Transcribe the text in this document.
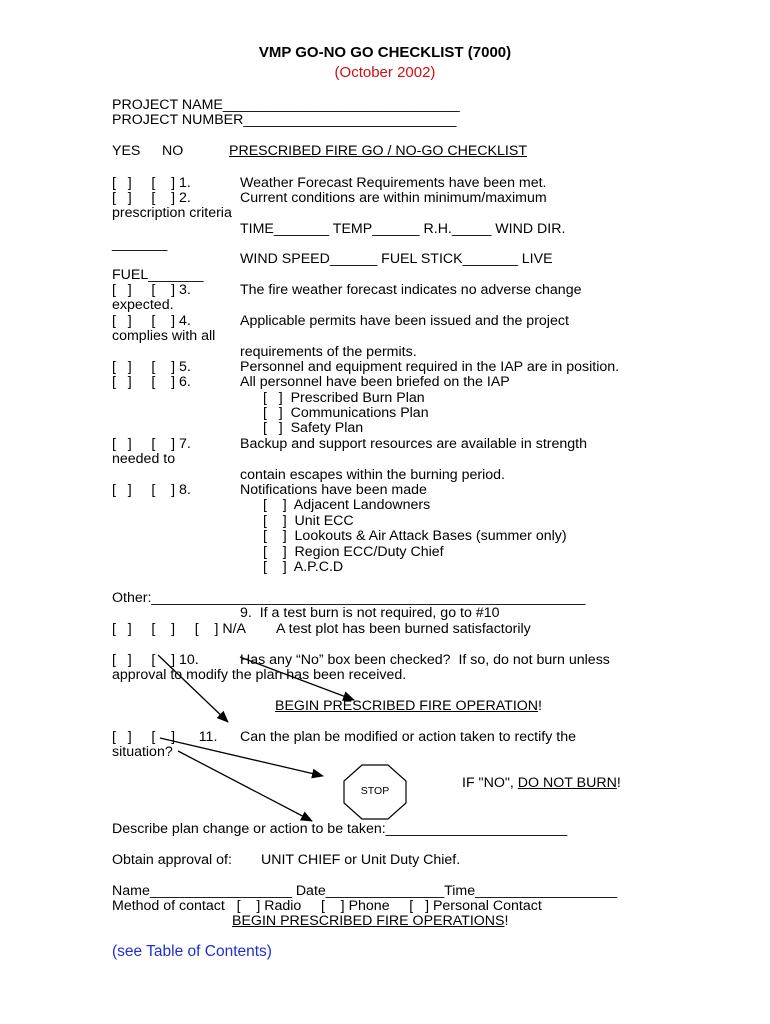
VMP GO-NO GO CHECKLIST (7000)
(October 2002)
PROJECT NAME______________________________
PROJECT NUMBER___________________________
YES NO	PRESCRIBED FIRE GO / NO-GO CHECKLIST
[   ]     [    ] 1.	Weather Forecast Requirements have been met.
[   ]     [    ] 2.	Current conditions are within minimum/maximum
prescription criteria
TIME_______ TEMP______ R.H._____ WIND DIR.
_______
WIND SPEED______ FUEL STICK_______ LIVE
FUEL_______
[   ]     [    ] 3.	The fire weather forecast indicates no adverse change
expected.
[   ]     [    ] 4.	Applicable permits have been issued and the project
complies with all
requirements of the permits.
[   ]     [    ] 5.	Personnel and equipment required in the IAP are in position.
[   ]     [    ] 6.	All personnel have been briefed on the IAP
[   ]  Prescribed Burn Plan
[   ]  Communications Plan
[   ]  Safety Plan
[   ]     [    ] 7.	Backup and support resources are available in strength
needed to
contain escapes within the burning period.
[   ]     [    ] 8.	Notifications have been made
[    ]  Adjacent Landowners
[    ]  Unit ECC
[    ]  Lookouts & Air Attack Bases (summer only)
[    ]  Region ECC/Duty Chief
[    ]  A.P.C.D
Other:_______________________________________________________
9.  If a test burn is not required, go to #10
[   ]     [    ]     [    ] N/A A test plot has been burned satisfactorily
[   ]     [    ] 10.	Has any “No” box been checked?  If so, do not burn unless
approval to modify the plan has been received.
BEGIN PRESCRIBED FIRE OPERATION!
[   ]     [    ]      11. Can the plan be modified or action taken to rectify the
situation?
STOP	IF "NO", DO NOT BURN!
Describe plan change or action to be taken:_______________________
Obtain approval of: UNIT CHIEF or Unit Duty Chief.
Name__________________ Date_______________Time__________________
Method of contact   [    ] Radio     [    ] Phone     [   ] Personal Contact
BEGIN PRESCRIBED FIRE OPERATIONS!
(see Table of Contents)
